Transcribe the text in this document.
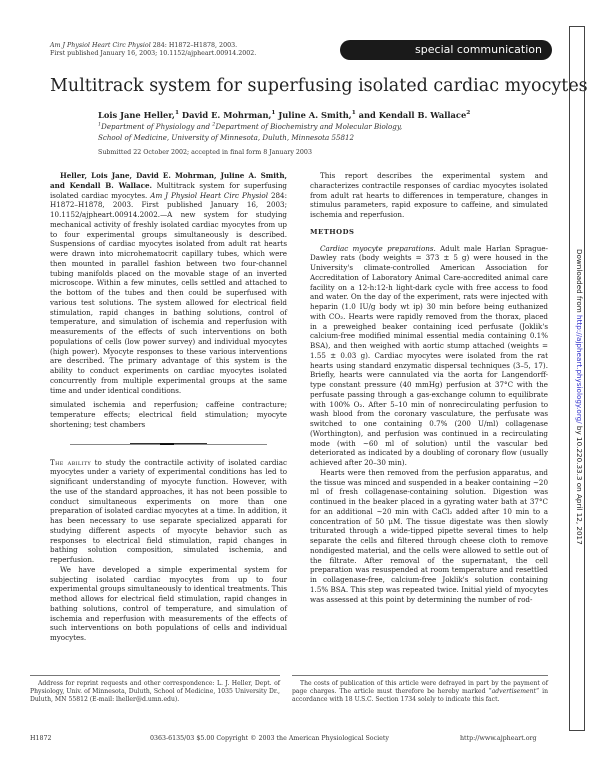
Am J Physiol Heart Circ Physiol 284: H1872–H1878, 2003.
First published January 16, 2003; 10.1152/ajpheart.00914.2002.	special communication
Multitrack system for superfusing isolated cardiac myocytes
Lois Jane Heller,$^1$ David E. Mohrman,$^1$ Juline A. Smith,$^1$ and Kendall B. Wallace$^2$
$^1$Department of Physiology and $^2$Department of Biochemistry and Molecular Biology,
School of Medicine, University of Minnesota, Duluth, Minnesota 55812
Submitted 22 October 2002; accepted in final form 8 January 2003

Heller, Lois Jane, David E. Mohrman, Juline A. Smith, and Kendall B. Wallace. Multitrack system for superfusing isolated cardiac myocytes. Am J Physiol Heart Circ Physiol 284: H1872–H1878, 2003. First published January 16, 2003; 10.1152/ajpheart.00914.2002.—A new system for studying mechanical activity of freshly isolated cardiac myocytes from up to four experimental groups simultaneously is described. Suspensions of cardiac myocytes isolated from adult rat hearts were drawn into microhematocrit capillary tubes, which were then mounted in parallel fashion between two four-channel tubing manifolds placed on the movable stage of an inverted microscope. Within a few minutes, cells settled and attached to the bottom of the tubes and then could be superfused with various test solutions. The system allowed for electrical field stimulation, rapid changes in bathing solutions, control of temperature, and simulation of ischemia and reperfusion with measurements of the effects of such interventions on both populations of cells (low power survey) and individual myocytes (high power). Myocyte responses to these various interventions are described. The primary advantage of this system is the ability to conduct experiments on cardiac myocytes isolated concurrently from multiple experimental groups at the same time and under identical conditions.

simulated ischemia and reperfusion; caffeine contracture; temperature effects; electrical field stimulation; myocyte shortening; test chambers

The ability to study the contractile activity of isolated cardiac myocytes under a variety of experimental conditions has led to significant understanding of myocyte function. However, with the use of the standard approaches, it has not been possible to conduct simultaneous experiments on more than one preparation of isolated cardiac myocytes at a time. In addition, it has been necessary to use separate specialized apparati for studying different aspects of myocyte behavior such as responses to electrical field stimulation, rapid changes in bathing solution composition, simulated ischemia, and reperfusion.

We have developed a simple experimental system for subjecting isolated cardiac myocytes from up to four experimental groups simultaneously to identical treatments. This method allows for electrical field stimulation, rapid changes in bathing solutions, control of temperature, and simulation of ischemia and reperfusion with measurements of the effects of such interventions on both populations of cells and individual myocytes.

This report describes the experimental system and characterizes contractile responses of cardiac myocytes isolated from adult rat hearts to differences in temperature, changes in stimulus parameters, rapid exposure to caffeine, and simulated ischemia and reperfusion.

METHODS

Cardiac myocyte preparations. Adult male Harlan Sprague-Dawley rats (body weights = 373 ± 5 g) were housed in the University's climate-controlled American Association for Accreditation of Laboratory Animal Care-accredited animal care facility on a 12-h:12-h light-dark cycle with free access to food and water. On the day of the experiment, rats were injected with heparin (1.0 IU/g body wt ip) 30 min before being euthanized with CO₂. Hearts were rapidly removed from the thorax, placed in a preweighed beaker containing iced perfusate (Joklik's calcium-free modified minimal essential media containing 0.1% BSA), and then weighed with aortic stump attached (weights = 1.55 ± 0.03 g). Cardiac myocytes were isolated from the rat hearts using standard enzymatic dispersal techniques (3–5, 17). Briefly, hearts were cannulated via the aorta for Langendorff-type constant pressure (40 mmHg) perfusion at 37°C with the perfusate passing through a gas-exchange column to equilibrate with 100% O₂. After 5–10 min of nonrecirculating perfusion to wash blood from the coronary vasculature, the perfusate was switched to one containing 0.7% (200 U/ml) collagenase (Worthington), and perfusion was continued in a recirculating mode (with ~60 ml of solution) until the vascular bed deteriorated as indicated by a doubling of coronary flow (usually achieved after 20–30 min).

Hearts were then removed from the perfusion apparatus, and the tissue was minced and suspended in a beaker containing ~20 ml of fresh collagenase-containing solution. Digestion was continued in the beaker placed in a gyrating water bath at 37°C for an additional ~20 min with CaCl₂ added after 10 min to a concentration of 50 μM. The tissue digestate was then slowly triturated through a wide-tipped pipette several times to help separate the cells and filtered through cheese cloth to remove nondigested material, and the cells were allowed to settle out of the filtrate. After removal of the supernatant, the cell preparation was resuspended at room temperature and resettled in collagenase-free, calcium-free Joklik's solution containing 1.5% BSA. This step was repeated twice. Initial yield of myocytes was assessed at this point by determining the number of rod-

Address for reprint requests and other correspondence: L. J. Heller, Dept. of Physiology, Univ. of Minnesota, Duluth, School of Medicine, 1035 University Dr., Duluth, MN 55812 (E-mail: lheller@d.umn.edu).

The costs of publication of this article were defrayed in part by the payment of page charges. The article must therefore be hereby marked “advertisement” in accordance with 18 U.S.C. Section 1734 solely to indicate this fact.

H1872	0363-6135/03 $5.00 Copyright © 2003 the American Physiological Society	http://www.ajpheart.org
Downloaded from http://ajpheart.physiology.org/ by 10.220.33.3 on April 12, 2017
